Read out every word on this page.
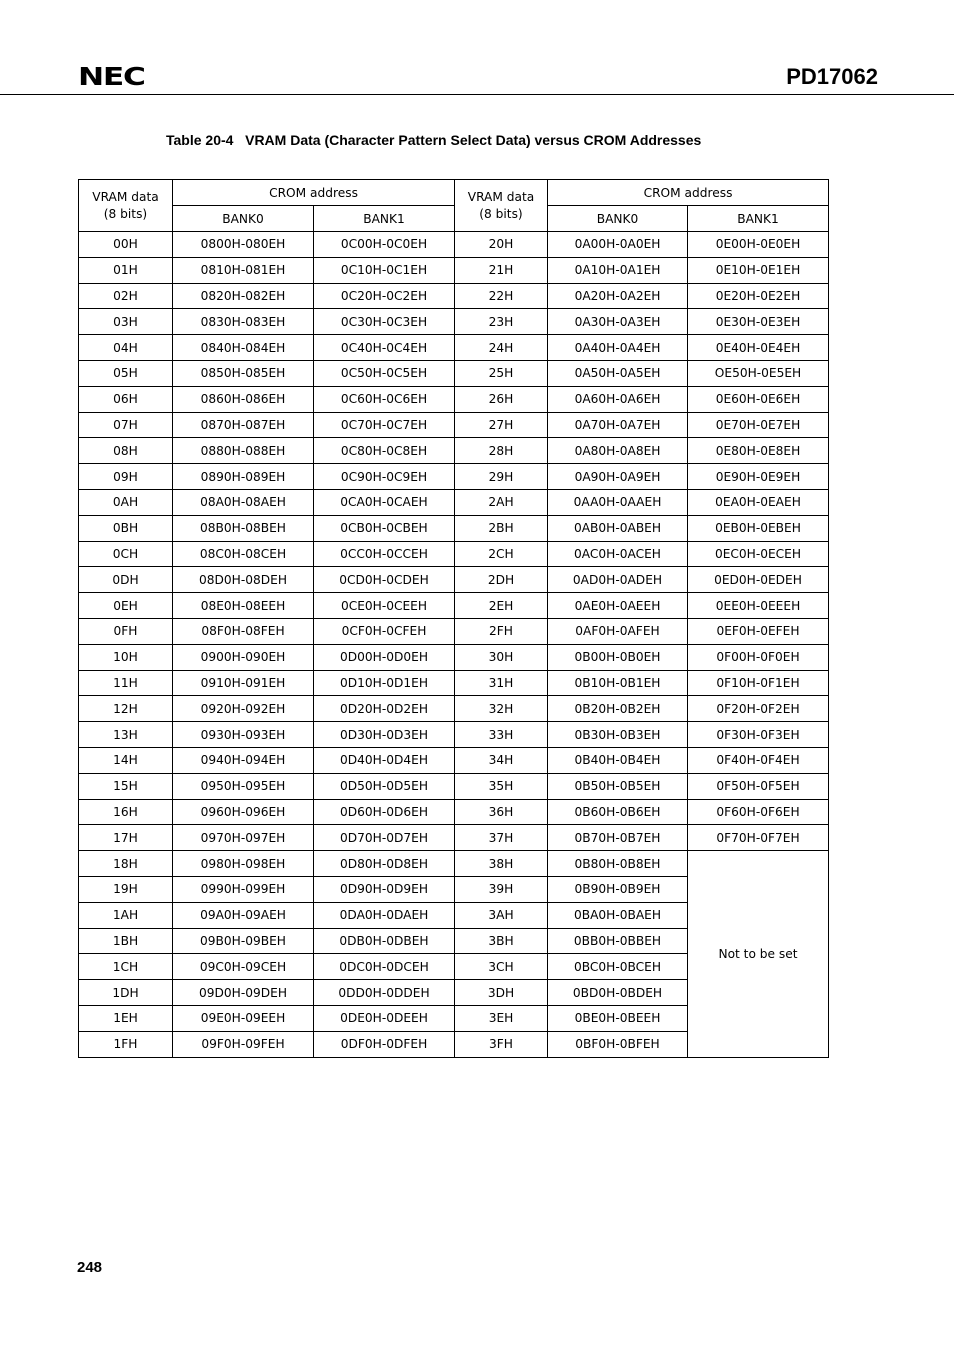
NEC	PD17062
Table 20-4   VRAM Data (Character Pattern Select Data) versus CROM Addresses
VRAM data
(8 bits)	CROM address		VRAM data
(8 bits)	CROM address	
	BANK0	BANK1		BANK0	BANK1
00H	0800H-080EH	0C00H-0C0EH	20H	0A00H-0A0EH	0E00H-0E0EH
01H	0810H-081EH	0C10H-0C1EH	21H	0A10H-0A1EH	0E10H-0E1EH
02H	0820H-082EH	0C20H-0C2EH	22H	0A20H-0A2EH	0E20H-0E2EH
03H	0830H-083EH	0C30H-0C3EH	23H	0A30H-0A3EH	0E30H-0E3EH
04H	0840H-084EH	0C40H-0C4EH	24H	0A40H-0A4EH	0E40H-0E4EH
05H	0850H-085EH	0C50H-0C5EH	25H	0A50H-0A5EH	OE50H-0E5EH
06H	0860H-086EH	0C60H-0C6EH	26H	0A60H-0A6EH	0E60H-0E6EH
07H	0870H-087EH	0C70H-0C7EH	27H	0A70H-0A7EH	0E70H-0E7EH
08H	0880H-088EH	0C80H-0C8EH	28H	0A80H-0A8EH	0E80H-0E8EH
09H	0890H-089EH	0C90H-0C9EH	29H	0A90H-0A9EH	0E90H-0E9EH
0AH	08A0H-08AEH	0CA0H-0CAEH	2AH	0AA0H-0AAEH	0EA0H-0EAEH
0BH	08B0H-08BEH	0CB0H-0CBEH	2BH	0AB0H-0ABEH	0EB0H-0EBEH
0CH	08C0H-08CEH	0CC0H-0CCEH	2CH	0AC0H-0ACEH	0EC0H-0ECEH
0DH	08D0H-08DEH	0CD0H-0CDEH	2DH	0AD0H-0ADEH	0ED0H-0EDEH
0EH	08E0H-08EEH	0CE0H-0CEEH	2EH	0AE0H-0AEEH	0EE0H-0EEEH
0FH	08F0H-08FEH	0CF0H-0CFEH	2FH	0AF0H-0AFEH	0EF0H-0EFEH
10H	0900H-090EH	0D00H-0D0EH	30H	0B00H-0B0EH	0F00H-0F0EH
11H	0910H-091EH	0D10H-0D1EH	31H	0B10H-0B1EH	0F10H-0F1EH
12H	0920H-092EH	0D20H-0D2EH	32H	0B20H-0B2EH	0F20H-0F2EH
13H	0930H-093EH	0D30H-0D3EH	33H	0B30H-0B3EH	0F30H-0F3EH
14H	0940H-094EH	0D40H-0D4EH	34H	0B40H-0B4EH	0F40H-0F4EH
15H	0950H-095EH	0D50H-0D5EH	35H	0B50H-0B5EH	0F50H-0F5EH
16H	0960H-096EH	0D60H-0D6EH	36H	0B60H-0B6EH	0F60H-0F6EH
17H	0970H-097EH	0D70H-0D7EH	37H	0B70H-0B7EH	0F70H-0F7EH
18H	0980H-098EH	0D80H-0D8EH	38H	0B80H-0B8EH	Not to be set
19H	0990H-099EH	0D90H-0D9EH	39H	0B90H-0B9EH	
1AH	09A0H-09AEH	0DA0H-0DAEH	3AH	0BA0H-0BAEH	
1BH	09B0H-09BEH	0DB0H-0DBEH	3BH	0BB0H-0BBEH	
1CH	09C0H-09CEH	0DC0H-0DCEH	3CH	0BC0H-0BCEH	
1DH	09D0H-09DEH	0DD0H-0DDEH	3DH	0BD0H-0BDEH	
1EH	09E0H-09EEH	0DE0H-0DEEH	3EH	0BE0H-0BEEH	
1FH	09F0H-09FEH	0DF0H-0DFEH	3FH	0BF0H-0BFEH	
248
